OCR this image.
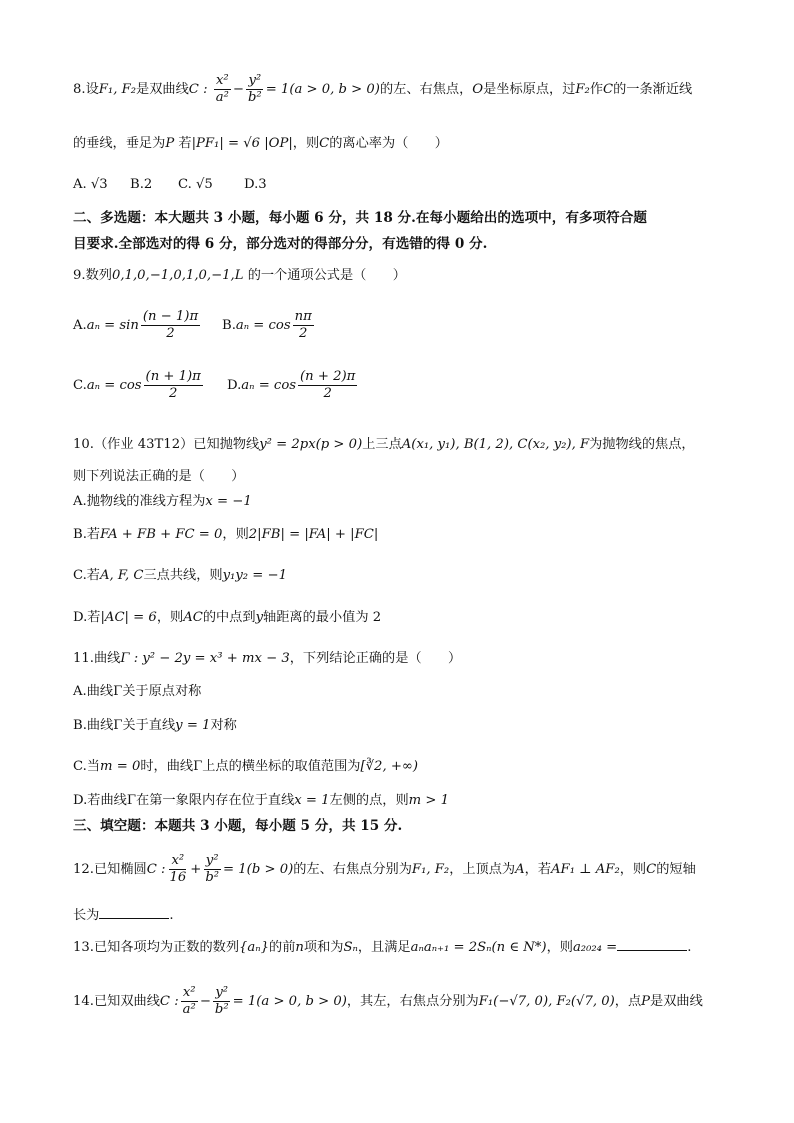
8.设F₁, F₂是双曲线C : $\frac{\text{x²}}{\text{a²}} - \frac{\text{y²}}{\text{b²}} = 1(a > 0$, b > 0)的左、右焦点，O是坐标原点，过F₂作C的一条渐近线
的垂线，垂足为P 若|PF₁| = √6 |OP|，则C的离心率为（　　）
A. √3 B.2 C. √5 D.3
二、多选题：本大题共 3 小题，每小题 6 分，共 18 分.在每小题给出的选项中，有多项符合题
目要求.全部选对的得 6 分，部分选对的得部分分，有选错的得 0 分.
9.数列0,1,0,−1,0,1,0,−1,L 的一个通项公式是（　　）
$A.a_n = \sin \frac{(n - 1)\pi}{2} B.a_n = \cos \frac{n\pi}{2}$
$C.a_n = \cos \frac{(n + 1)\pi}{2} D.a_n = \cos \frac{(n + 2)\pi}{2}$
10.（作业 43T12）已知抛物线y² = 2px(p > 0)上三点A(x₁, y₁), B(1, 2), C(x₂, y₂), F为抛物线的焦点，
则下列说法正确的是（　　）
A.抛物线的准线方程为x = −1
B.若FA + FB + FC = 0，则2|FB| = |FA| + |FC|
C.若A, F, C三点共线，则y₁y₂ = −1
D.若|AC| = 6，则AC的中点到y轴距离的最小值为 2
11.曲线Γ : y² − 2y = x³ + mx − 3，下列结论正确的是（　　）
A.曲线Γ关于原点对称
B.曲线Γ关于直线y = 1对称
C.当m = 0时，曲线Γ上点的横坐标的取值范围为[∛2, +∞)
D.若曲线Γ在第一象限内存在位于直线x = 1左侧的点，则m > 1
三、填空题：本题共 3 小题，每小题 5 分，共 15 分.
12.已知椭圆C : $\frac{\text{x²}}{16} + \frac{\text{y²}}{\text{b²}} = 1(b > 0)$的左、右焦点分别为F₁, F₂，上顶点为A，若AF₁ ⊥ AF₂，则C的短轴
长为	.
13.已知各项均为正数的数列{aₙ}的前n项和为Sₙ，且满足aₙaₙ₊₁ = 2Sₙ(n ∈ N*)，则a₂₀₂₄ =	.
14.已知双曲线C : $\frac{\text{x²}}{\text{a²}} - \frac{\text{y²}}{\text{b²}} = 1(a > 0$, b > 0)，其左，右焦点分别为F₁(−√7, 0), F₂(√7, 0)，点P是双曲线
